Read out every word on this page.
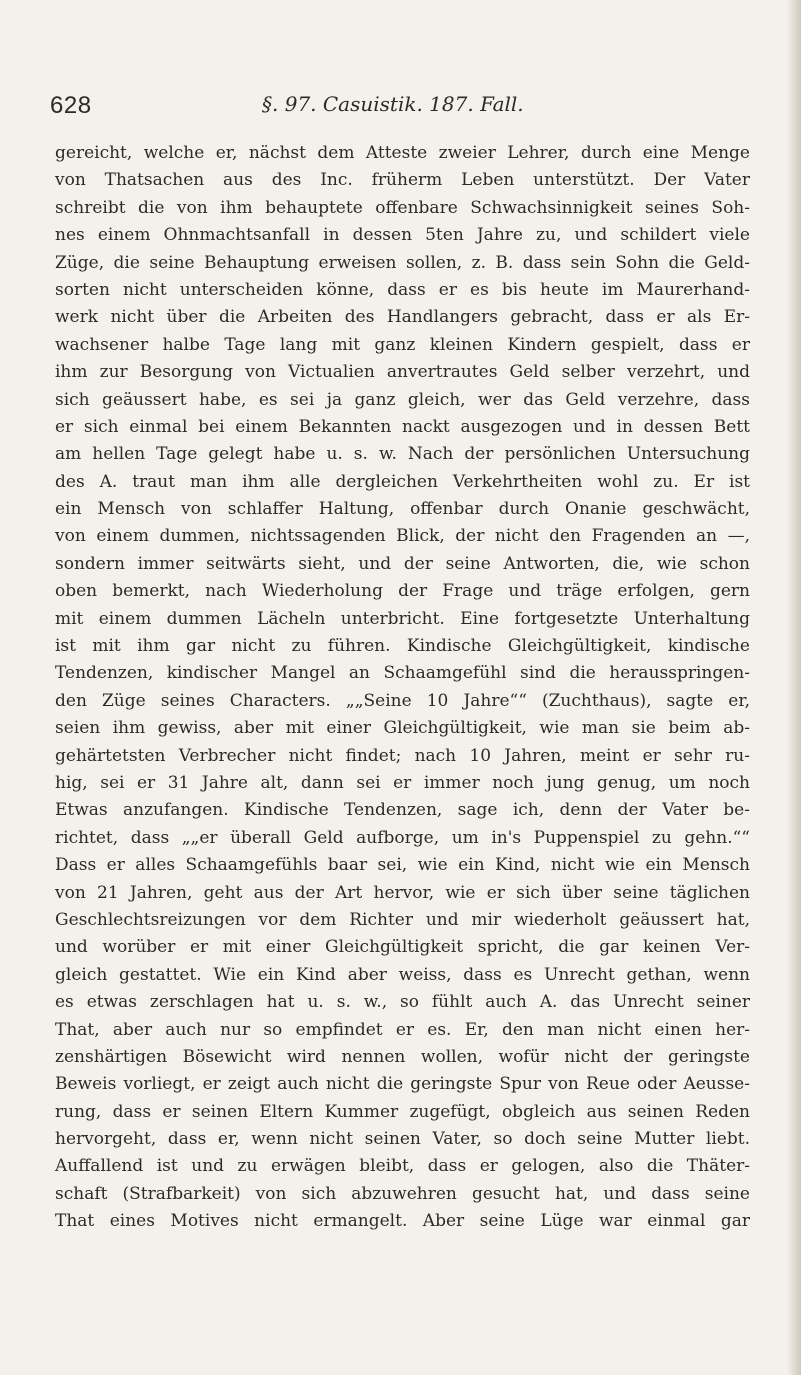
628	§. 97. Casuistik. 187. Fall.
gereicht, welche er, nächst dem Atteste zweier Lehrer, durch eine Menge
von Thatsachen aus des Inc. früherm Leben unterstützt. Der Vater
schreibt die von ihm behauptete offenbare Schwachsinnigkeit seines Soh-
nes einem Ohnmachtsanfall in dessen 5ten Jahre zu, und schildert viele
Züge, die seine Behauptung erweisen sollen, z. B. dass sein Sohn die Geld-
sorten nicht unterscheiden könne, dass er es bis heute im Maurerhand-
werk nicht über die Arbeiten des Handlangers gebracht, dass er als Er-
wachsener halbe Tage lang mit ganz kleinen Kindern gespielt, dass er
ihm zur Besorgung von Victualien anvertrautes Geld selber verzehrt, und
sich geäussert habe, es sei ja ganz gleich, wer das Geld verzehre, dass
er sich einmal bei einem Bekannten nackt ausgezogen und in dessen Bett
am hellen Tage gelegt habe u. s. w. Nach der persönlichen Untersuchung
des A. traut man ihm alle dergleichen Verkehrtheiten wohl zu. Er ist
ein Mensch von schlaffer Haltung, offenbar durch Onanie geschwächt,
von einem dummen, nichtssagenden Blick, der nicht den Fragenden an —,
sondern immer seitwärts sieht, und der seine Antworten, die, wie schon
oben bemerkt, nach Wiederholung der Frage und träge erfolgen, gern
mit einem dummen Lächeln unterbricht. Eine fortgesetzte Unterhaltung
ist mit ihm gar nicht zu führen. Kindische Gleichgültigkeit, kindische
Tendenzen, kindischer Mangel an Schaamgefühl sind die herausspringen-
den Züge seines Characters. „„Seine 10 Jahre““ (Zuchthaus), sagte er,
seien ihm gewiss, aber mit einer Gleichgültigkeit, wie man sie beim ab-
gehärtetsten Verbrecher nicht findet; nach 10 Jahren, meint er sehr ru-
hig, sei er 31 Jahre alt, dann sei er immer noch jung genug, um noch
Etwas anzufangen. Kindische Tendenzen, sage ich, denn der Vater be-
richtet, dass „„er überall Geld aufborge, um in's Puppenspiel zu gehn.““
Dass er alles Schaamgefühls baar sei, wie ein Kind, nicht wie ein Mensch
von 21 Jahren, geht aus der Art hervor, wie er sich über seine täglichen
Geschlechtsreizungen vor dem Richter und mir wiederholt geäussert hat,
und worüber er mit einer Gleichgültigkeit spricht, die gar keinen Ver-
gleich gestattet. Wie ein Kind aber weiss, dass es Unrecht gethan, wenn
es etwas zerschlagen hat u. s. w., so fühlt auch A. das Unrecht seiner
That, aber auch nur so empfindet er es. Er, den man nicht einen her-
zenshärtigen Bösewicht wird nennen wollen, wofür nicht der geringste
Beweis vorliegt, er zeigt auch nicht die geringste Spur von Reue oder Aeusse-
rung, dass er seinen Eltern Kummer zugefügt, obgleich aus seinen Reden
hervorgeht, dass er, wenn nicht seinen Vater, so doch seine Mutter liebt.
Auffallend ist und zu erwägen bleibt, dass er gelogen, also die Thäter-
schaft (Strafbarkeit) von sich abzuwehren gesucht hat, und dass seine
That eines Motives nicht ermangelt. Aber seine Lüge war einmal gar
